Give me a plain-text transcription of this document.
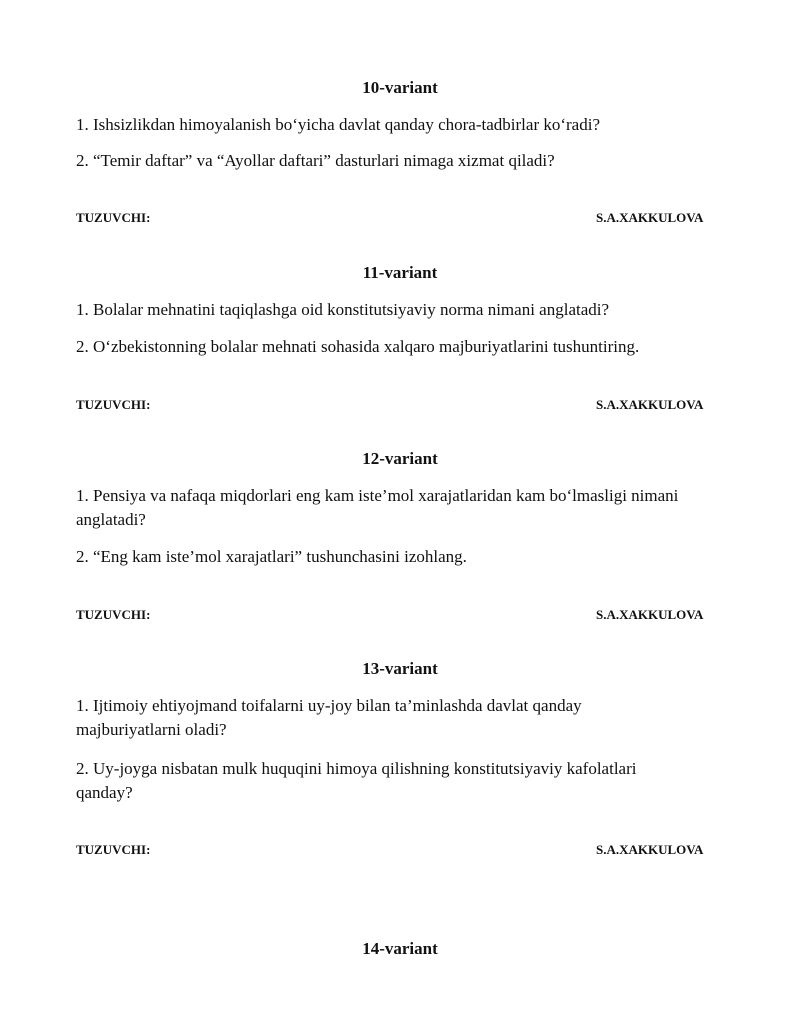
10-variant
1. Ishsizlikdan himoyalanish bo‘yicha davlat qanday chora-tadbirlar ko‘radi?
2. “Temir daftar” va “Ayollar daftari” dasturlari nimaga xizmat qiladi?
TUZUVCHI:	S.A.XAKKULOVA
11-variant
1. Bolalar mehnatini taqiqlashga oid konstitutsiyaviy norma nimani anglatadi?
2. O‘zbekistonning bolalar mehnati sohasida xalqaro majburiyatlarini tushuntiring.
TUZUVCHI:	S.A.XAKKULOVA
12-variant
1. Pensiya va nafaqa miqdorlari eng kam iste’mol xarajatlaridan kam bo‘lmasligi nimani
anglatadi?
2. “Eng kam iste’mol xarajatlari” tushunchasini izohlang.
TUZUVCHI:	S.A.XAKKULOVA
13-variant
1. Ijtimoiy ehtiyojmand toifalarni uy-joy bilan ta’minlashda davlat qanday
majburiyatlarni oladi?
2. Uy-joyga nisbatan mulk huquqini himoya qilishning konstitutsiyaviy kafolatlari
qanday?
TUZUVCHI:	S.A.XAKKULOVA
14-variant
